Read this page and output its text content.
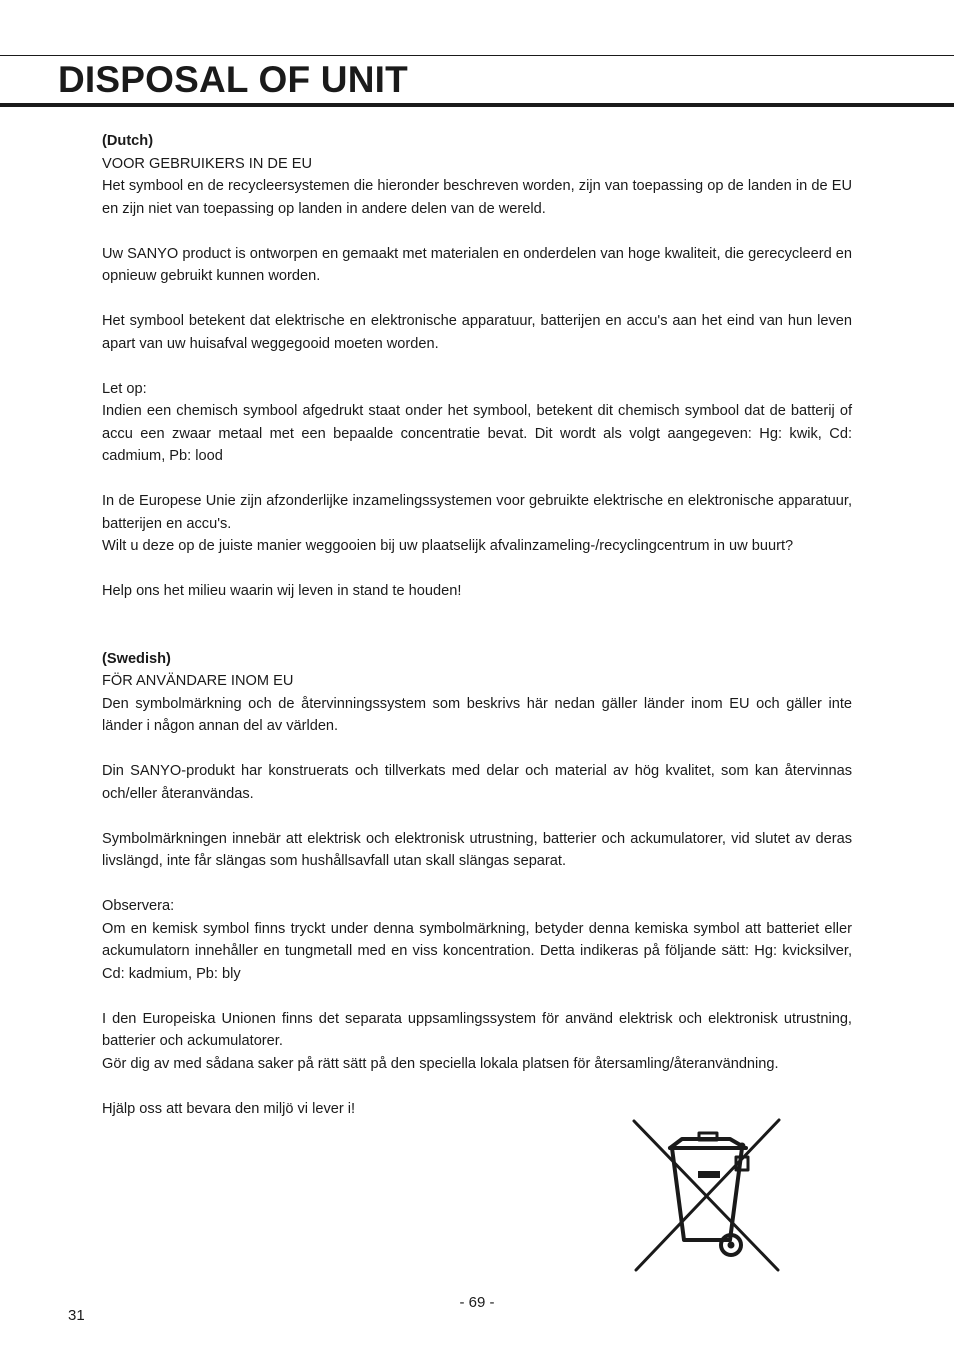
DISPOSAL OF UNIT

(Dutch)

VOOR GEBRUIKERS IN DE EU

Het symbool en de recycleersystemen die hieronder beschreven worden, zijn van toepassing op de landen in de EU en zijn niet van toepassing op landen in andere delen van de wereld.

Uw SANYO product is ontworpen en gemaakt met materialen en onderdelen van hoge kwaliteit, die gerecycleerd en opnieuw gebruikt kunnen worden.

Het symbool betekent dat elektrische en elektronische apparatuur, batterijen en accu's aan het eind van hun leven apart van uw huisafval weggegooid moeten worden.

Let op:

Indien een chemisch symbool afgedrukt staat onder het symbool, betekent dit chemisch symbool dat de batterij of accu een zwaar metaal met een bepaalde concentratie bevat. Dit wordt als volgt aangegeven: Hg: kwik, Cd: cadmium, Pb: lood

In de Europese Unie zijn afzonderlijke inzamelingssystemen voor gebruikte elektrische en elektronische apparatuur, batterijen en accu's.

Wilt u deze op de juiste manier weggooien bij uw plaatselijk afvalinzameling-/recyclingcentrum in uw buurt?

Help ons het milieu waarin wij leven in stand te houden!

(Swedish)

FÖR ANVÄNDARE INOM EU

Den symbolmärkning och de återvinningssystem som beskrivs här nedan gäller länder inom EU och gäller inte länder i någon annan del av världen.

Din SANYO-produkt har konstruerats och tillverkats med delar och material av hög kvalitet, som kan återvinnas och/eller återanvändas.

Symbolmärkningen innebär att elektrisk och elektronisk utrustning, batterier och ackumulatorer, vid slutet av deras livslängd, inte får slängas som hushållsavfall utan skall slängas separat.

Observera:

Om en kemisk symbol finns tryckt under denna symbolmärkning, betyder denna kemiska symbol att batteriet eller ackumulatorn innehåller en tungmetall med en viss koncentration. Detta indikeras på följande sätt: Hg: kvicksilver, Cd: kadmium, Pb: bly

I den Europeiska Unionen finns det separata uppsamlingssystem för använd elektrisk och elektronisk utrustning, batterier och ackumulatorer.

Gör dig av med sådana saker på rätt sätt på den speciella lokala platsen för återsamling/återanvändning.

Hjälp oss att bevara den miljö vi lever i!

- 69 -
31
